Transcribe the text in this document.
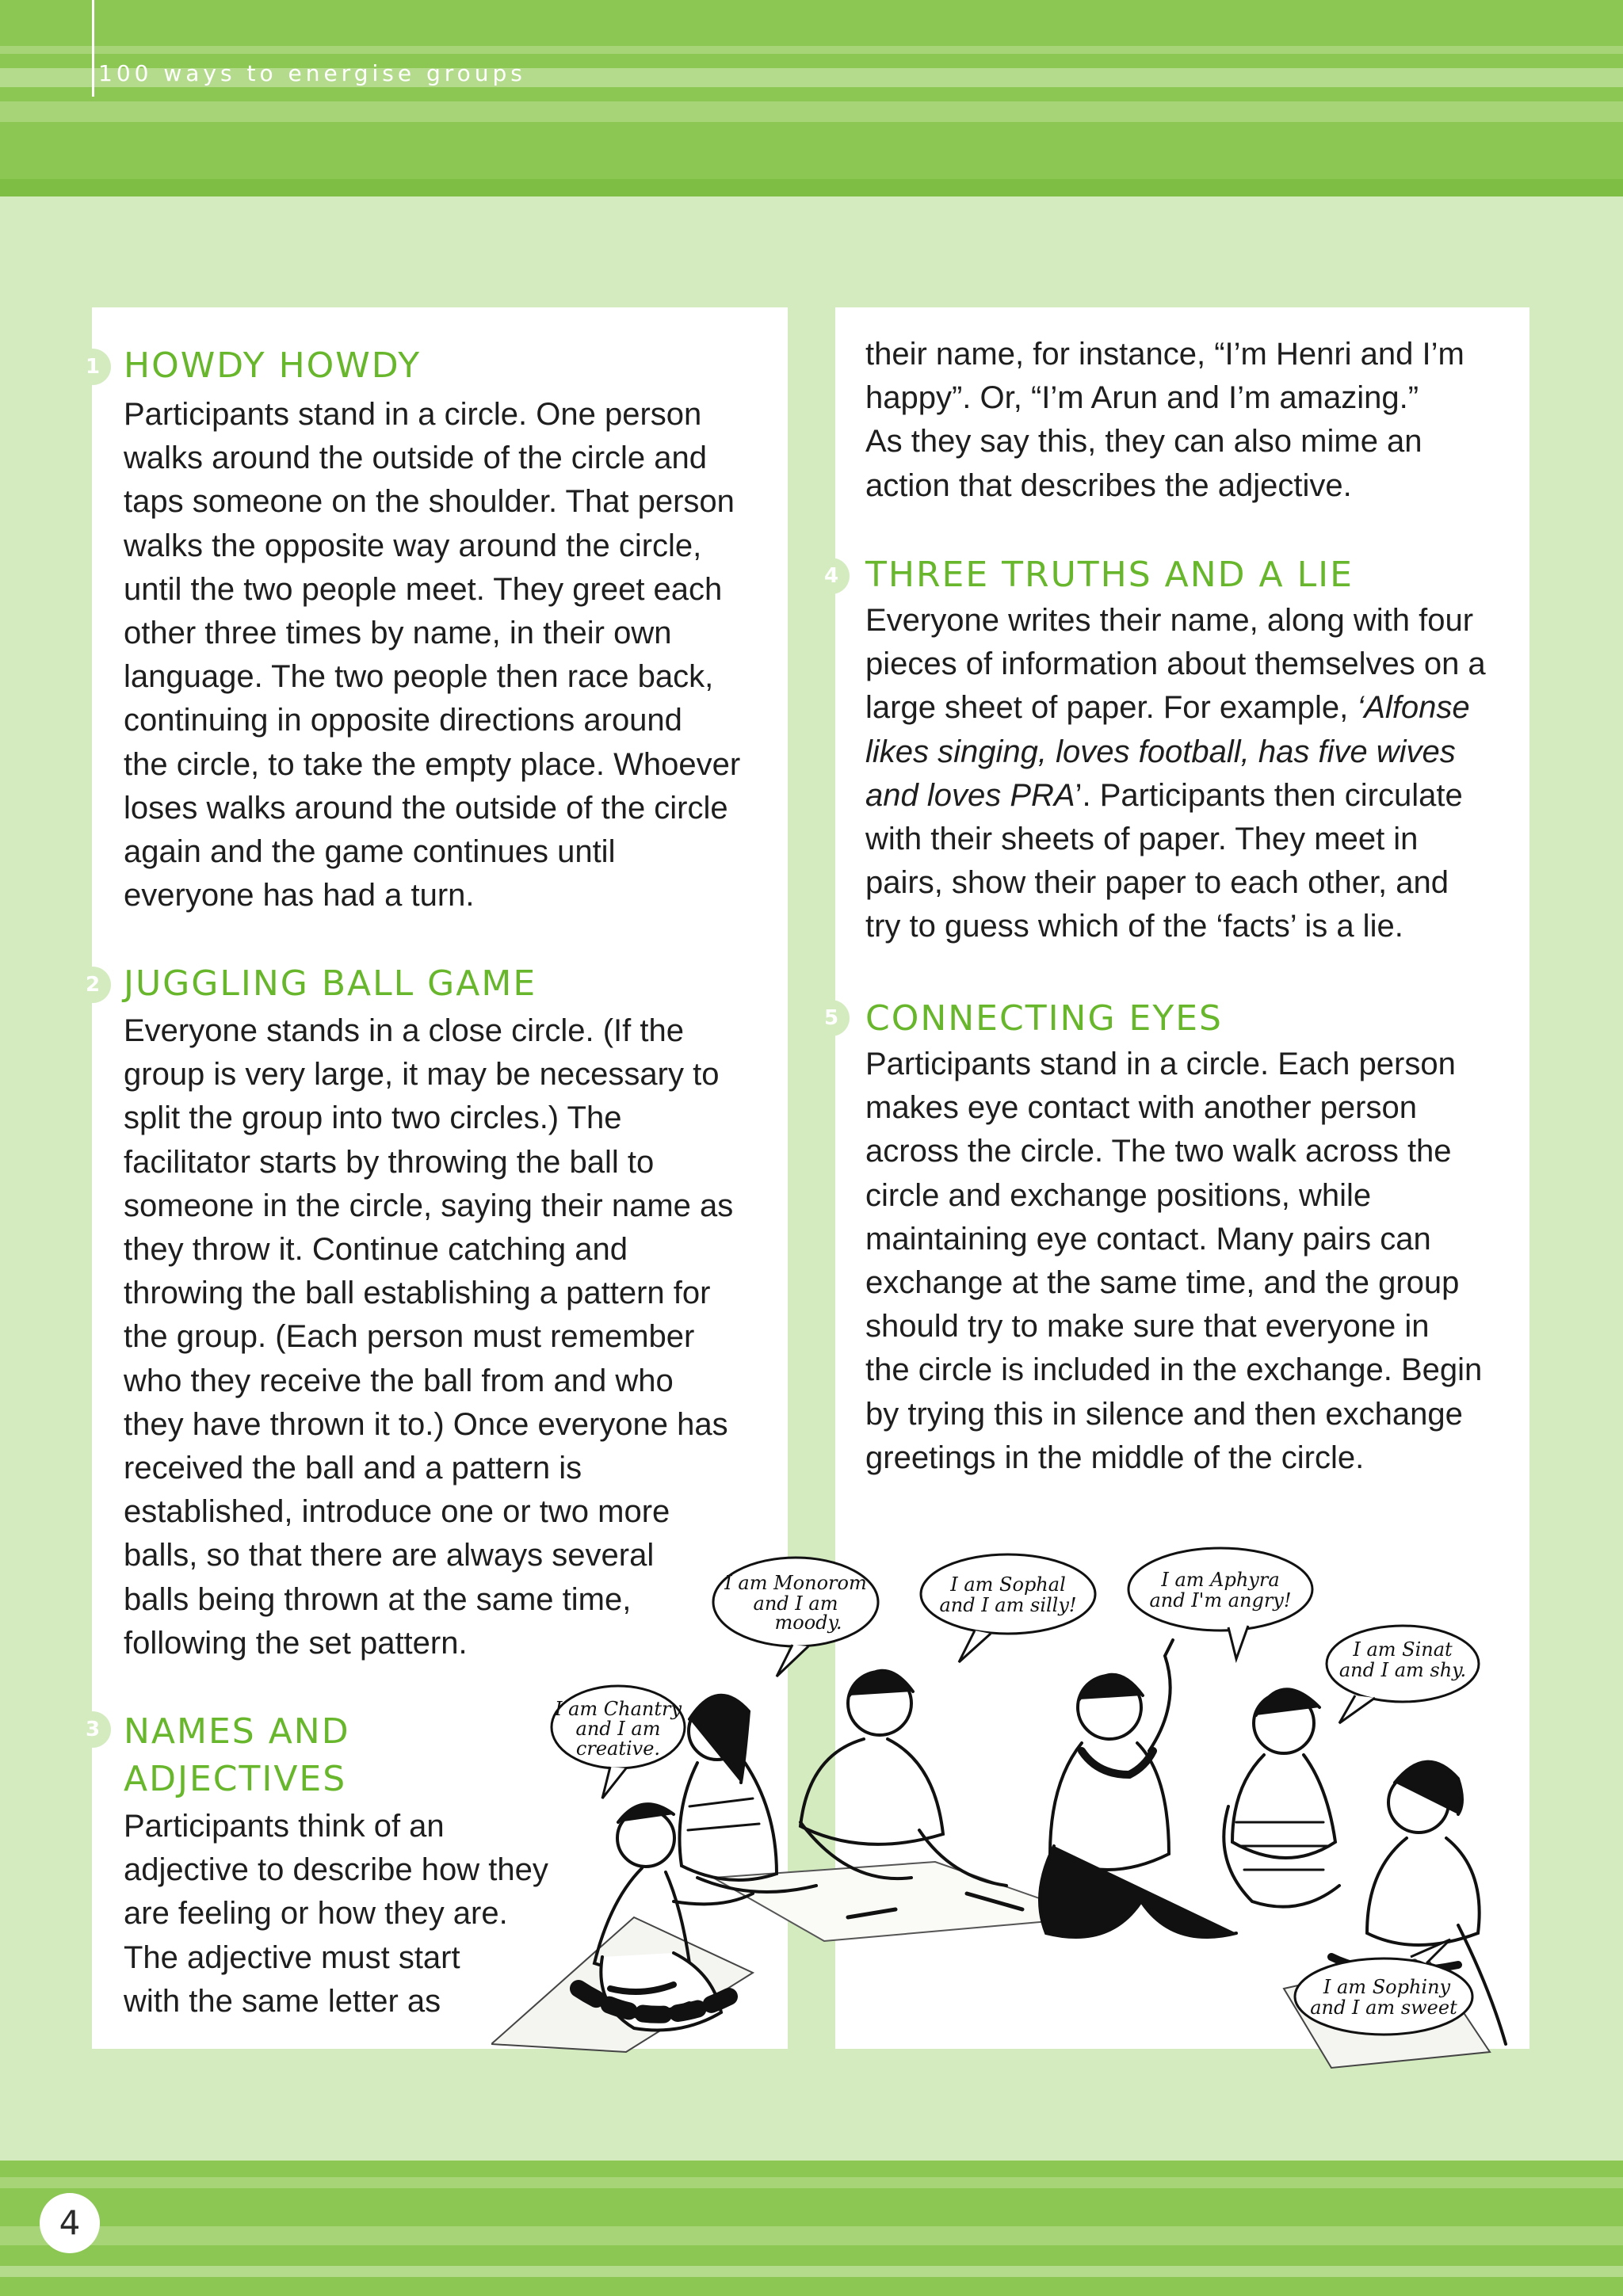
100 ways to energise groups
1 HOWDY HOWDY
Participants stand in a circle. One person
walks around the outside of the circle and
taps someone on the shoulder. That person
walks the opposite way around the circle,
until the two people meet. They greet each
other three times by name, in their own
language. The two people then race back,
continuing in opposite directions around
the circle, to take the empty place. Whoever
loses walks around the outside of the circle
again and the game continues until
everyone has had a turn.
2 JUGGLING BALL GAME
Everyone stands in a close circle. (If the
group is very large, it may be necessary to
split the group into two circles.) The
facilitator starts by throwing the ball to
someone in the circle, saying their name as
they throw it. Continue catching and
throwing the ball establishing a pattern for
the group. (Each person must remember
who they receive the ball from and who
they have thrown it to.) Once everyone has
received the ball and a pattern is
established, introduce one or two more
balls, so that there are always several
balls being thrown at the same time,
following the set pattern.
3 NAMES AND
ADJECTIVES
Participants think of an
adjective to describe how they
are feeling or how they are.
The adjective must start
with the same letter as
their name, for instance, “I’m Henri and I’m
happy”. Or, “I’m Arun and I’m amazing.”
As they say this, they can also mime an
action that describes the adjective.
4 THREE TRUTHS AND A LIE
Everyone writes their name, along with four
pieces of information about themselves on a
large sheet of paper. For example, ‘Alfonse
likes singing, loves football, has five wives
and loves PRA’. Participants then circulate
with their sheets of paper. They meet in
pairs, show their paper to each other, and
try to guess which of the ‘facts’ is a lie.
5 CONNECTING EYES
Participants stand in a circle. Each person
makes eye contact with another person
across the circle. The two walk across the
circle and exchange positions, while
maintaining eye contact. Many pairs can
exchange at the same time, and the group
should try to make sure that everyone in
the circle is included in the exchange. Begin
by trying this in silence and then exchange
greetings in the middle of the circle.
I am Chantry
and I am
creative.
I am Monorom
and I am
moody.
I am Sophal
and I am silly!
I am Aphyra
and I'm angry!
I am Sinat
and I am shy.
I am Sophiny
and I am sweet
4
